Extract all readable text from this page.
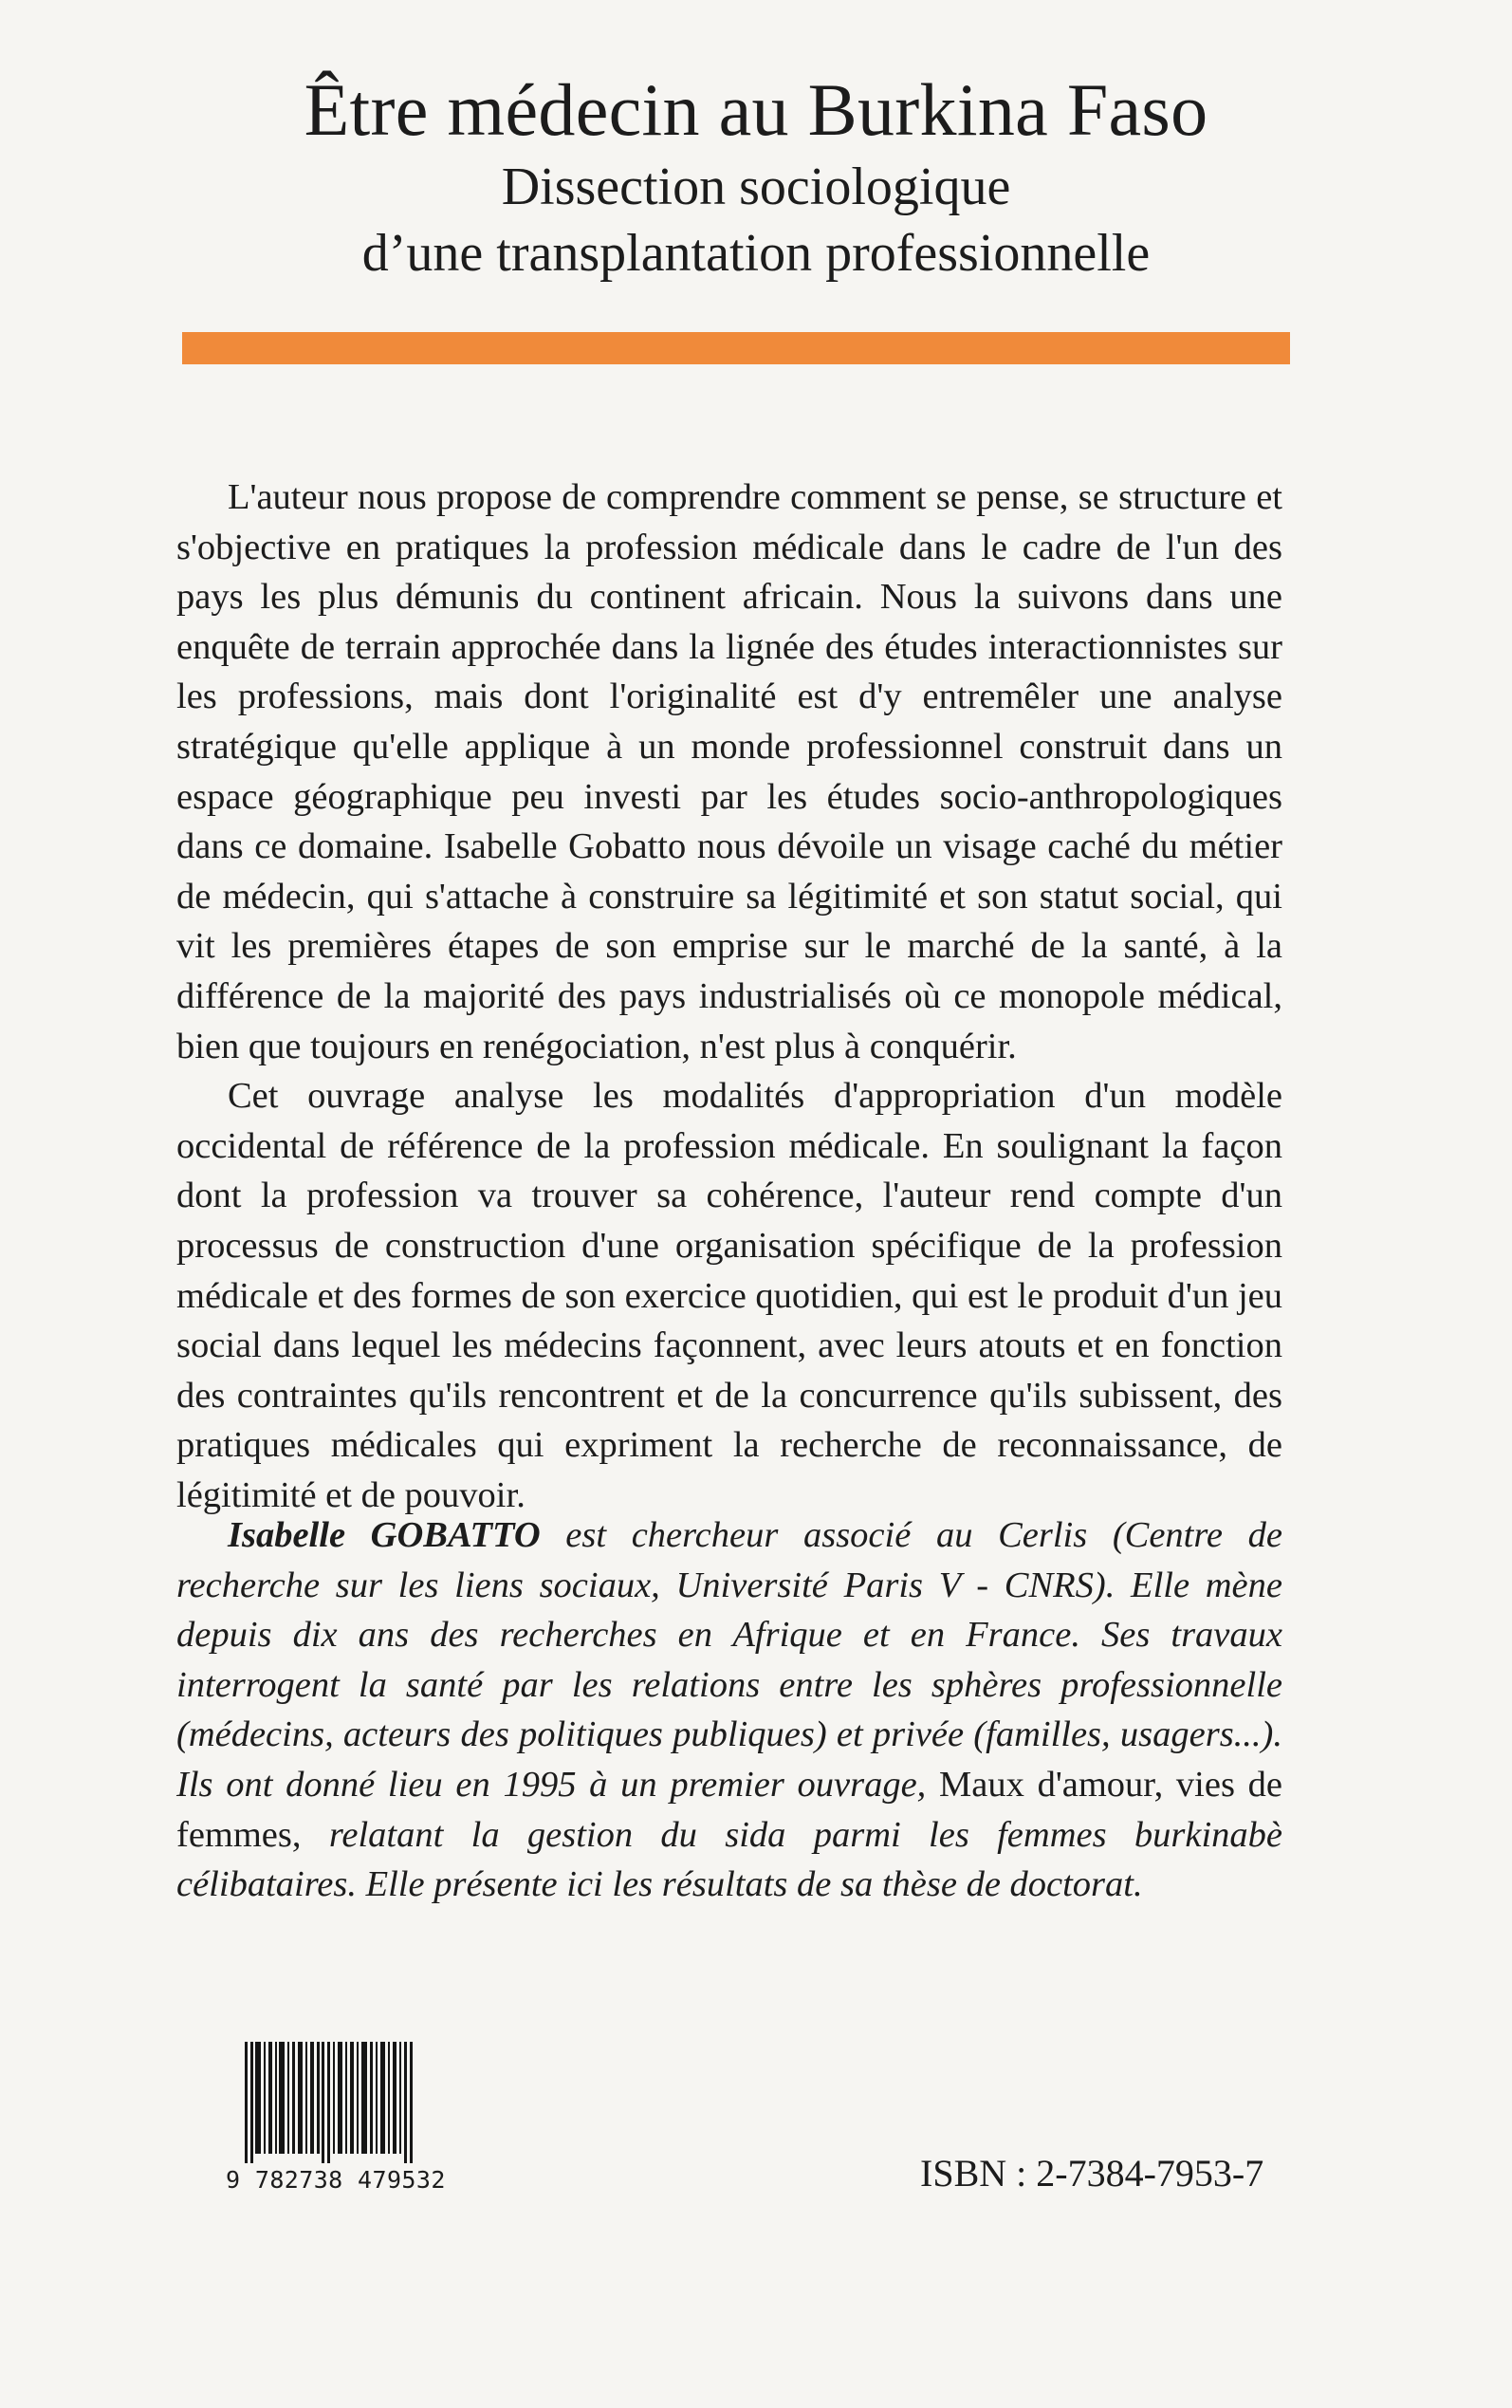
Être médecin au Burkina Faso
Dissection sociologique
d’une transplantation professionnelle

L'auteur nous propose de comprendre comment se pense, se structure et s'objective en pratiques la profession médicale dans le cadre de l'un des pays les plus démunis du continent africain. Nous la suivons dans une enquête de terrain approchée dans la lignée des études interactionnistes sur les professions, mais dont l'originalité est d'y entremêler une analyse stratégique qu'elle applique à un monde professionnel construit dans un espace géographique peu investi par les études socio-anthropologiques dans ce domaine. Isabelle Gobatto nous dévoile un visage caché du métier de médecin, qui s'attache à construire sa légitimité et son statut social, qui vit les premières étapes de son emprise sur le marché de la santé, à la différence de la majorité des pays industrialisés où ce monopole médical, bien que toujours en renégociation, n'est plus à conquérir.

Cet ouvrage analyse les modalités d'appropriation d'un modèle occidental de référence de la profession médicale. En soulignant la façon dont la profession va trouver sa cohérence, l'auteur rend compte d'un processus de construction d'une organisation spécifique de la profession médicale et des formes de son exercice quotidien, qui est le produit d'un jeu social dans lequel les médecins façonnent, avec leurs atouts et en fonction des contraintes qu'ils rencontrent et de la concurrence qu'ils subissent, des pratiques médicales qui expriment la recherche de reconnaissance, de légitimité et de pouvoir.

Isabelle GOBATTO est chercheur associé au Cerlis (Centre de recherche sur les liens sociaux, Université Paris V - CNRS). Elle mène depuis dix ans des recherches en Afrique et en France. Ses travaux interrogent la santé par les relations entre les sphères professionnelle (médecins, acteurs des politiques publiques) et privée (familles, usagers...). Ils ont donné lieu en 1995 à un premier ouvrage, Maux d'amour, vies de femmes, relatant la gestion du sida parmi les femmes burkinabè célibataires. Elle présente ici les résultats de sa thèse de doctorat.
9 782738 479532	ISBN : 2-7384-7953-7
